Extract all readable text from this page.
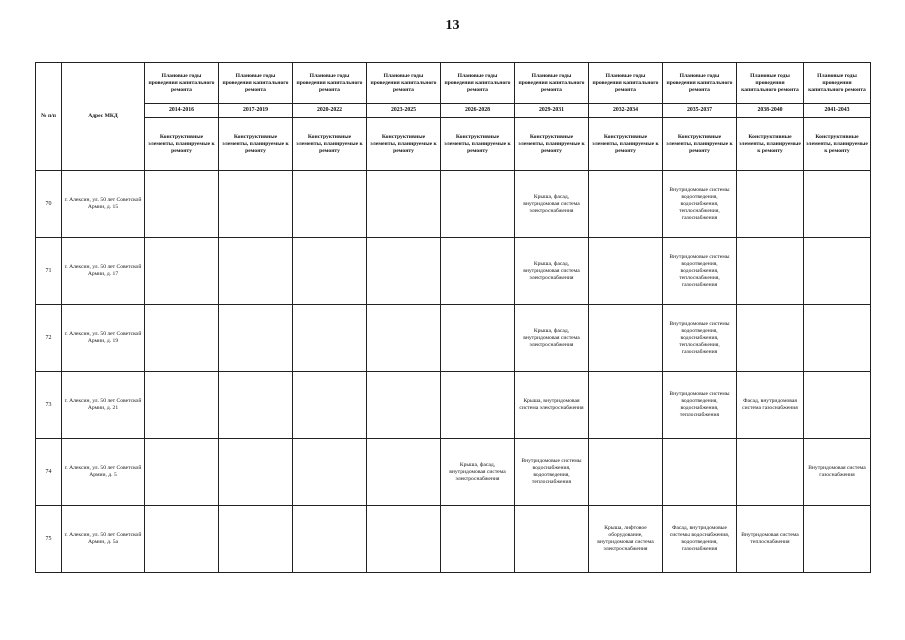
13
№ п/п	Адрес МКД	Плановые годы проведения капитального ремонта	Плановые годы проведения капитального ремонта	Плановые годы проведения капитального ремонта	Плановые годы проведения капитального ремонта	Плановые годы проведения капитального ремонта	Плановые годы проведения капитального ремонта	Плановые годы проведения капитального ремонта	Плановые годы проведения капитального ремонта	Плановые годы проведения капитального ремонта	Плановые годы проведения капитального ремонта
		2014-2016	2017-2019	2020-2022	2023-2025	2026-2028	2029-2031	2032-2034	2035-2037	2038-2040	2041-2043
		Конструктивные элементы, планируемые к ремонту	Конструктивные элементы, планируемые к ремонту	Конструктивные элементы, планируемые к ремонту	Конструктивные элементы, планируемые к ремонту	Конструктивные элементы, планируемые к ремонту	Конструктивные элементы, планируемые к ремонту	Конструктивные элементы, планируемые к ремонту	Конструктивные элементы, планируемые к ремонту	Конструктивные элементы, планируемые к ремонту	Конструктивные элементы, планируемые к ремонту
70	г. Алексин, ул. 50 лет Советской Армии, д. 15						Крыша, фасад, внутридомовая система электроснабжения		Внутридомовые системы водоотведения, водоснабжения, теплоснабжения, газоснабжения		
71	г. Алексин, ул. 50 лет Советской Армии, д. 17						Крыша, фасад, внутридомовая система электроснабжения		Внутридомовые системы водоотведения, водоснабжения, теплоснабжения, газоснабжения		
72	г. Алексин, ул. 50 лет Советской Армии, д. 19						Крыша, фасад, внутридомовая система электроснабжения		Внутридомовые системы водоотведения, водоснабжения, теплоснабжения, газоснабжения		
73	г. Алексин, ул. 50 лет Советской Армии, д. 21						Крыша, внутридомовая система электроснабжения		Внутридомовые системы водоотведения, водоснабжения, теплоснабжения	Фасад, внутридомовая система газоснабжения	
74	г. Алексин, ул. 50 лет Советской Армии, д. 5					Крыша, фасад, внутридомовая система электроснабжения	Внутридомовые системы водоснабжения, водоотведения, теплоснабжения				Внутридомовая система газоснабжения
75	г. Алексин, ул. 50 лет Советской Армии, д. 5а							Крыша, лифтовое оборудование, внутридомовая система электроснабжения	Фасад, внутридомовые системы водоснабжения, водоотведения, газоснабжения	Внутридомовая система теплоснабжения	
